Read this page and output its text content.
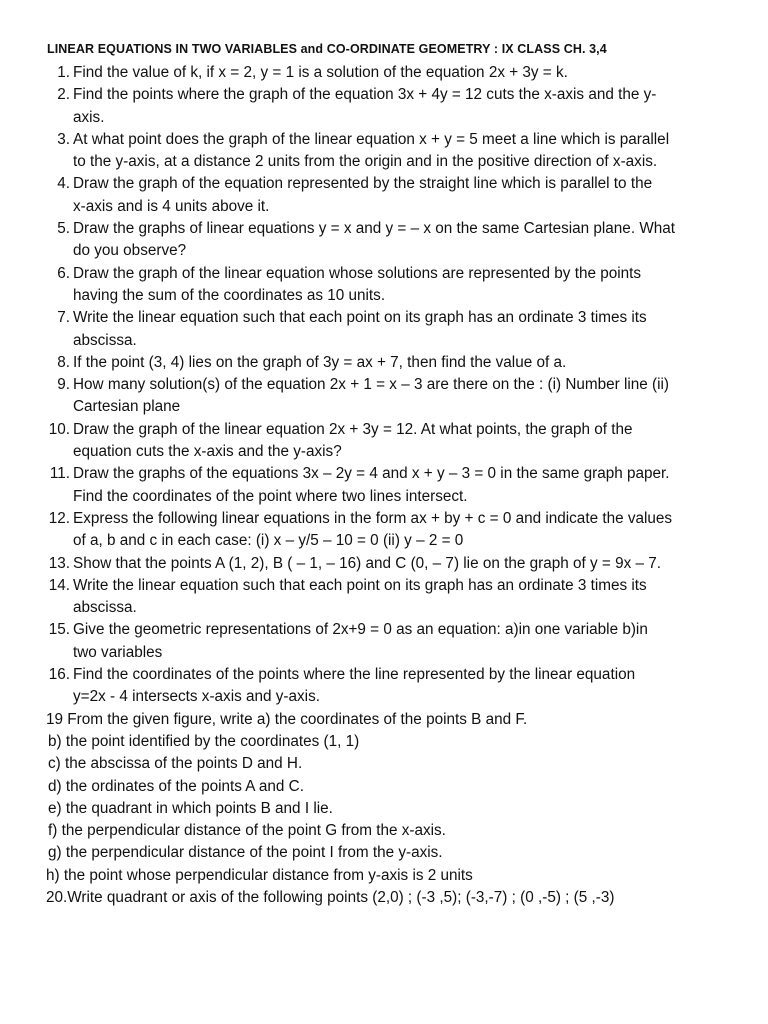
LINEAR EQUATIONS IN TWO VARIABLES and CO-ORDINATE GEOMETRY : IX CLASS CH. 3,4
1. Find the value of k, if x = 2, y = 1 is a solution of the equation 2x + 3y = k.
2. Find the points where the graph of the equation 3x + 4y = 12 cuts the x-axis and the y-
axis.
3. At what point does the graph of the linear equation x + y = 5 meet a line which is parallel
to the y-axis, at a distance 2 units from the origin and in the positive direction of x-axis.
4. Draw the graph of the equation represented by the straight line which is parallel to the
x-axis and is 4 units above it.
5. Draw the graphs of linear equations y = x and y = – x on the same Cartesian plane. What
do you observe?
6. Draw the graph of the linear equation whose solutions are represented by the points
having the sum of the coordinates as 10 units.
7. Write the linear equation such that each point on its graph has an ordinate 3 times its
abscissa.
8. If the point (3, 4) lies on the graph of 3y = ax + 7, then find the value of a.
9. How many solution(s) of the equation 2x + 1 = x – 3 are there on the : (i) Number line (ii)
Cartesian plane
10. Draw the graph of the linear equation 2x + 3y = 12. At what points, the graph of the
equation cuts the x-axis and the y-axis?
11. Draw the graphs of the equations 3x – 2y = 4 and x + y – 3 = 0 in the same graph paper.
Find the coordinates of the point where two lines intersect.
12. Express the following linear equations in the form ax + by + c = 0 and indicate the values
of a, b and c in each case: (i) x – y/5 – 10 = 0 (ii) y – 2 = 0
13. Show that the points A (1, 2), B ( – 1, – 16) and C (0, – 7) lie on the graph of y = 9x – 7.
14. Write the linear equation such that each point on its graph has an ordinate 3 times its
abscissa.
15. Give the geometric representations of 2x+9 = 0 as an equation: a)in one variable b)in
two variables
16. Find the coordinates of the points where the line represented by the linear equation
y=2x - 4 intersects x-axis and y-axis.
19 From the given figure, write a) the coordinates of the points B and F.
b) the point identified by the coordinates (1, 1)
c) the abscissa of the points D and H.
d) the ordinates of the points A and C.
e) the quadrant in which points B and I lie.
f) the perpendicular distance of the point G from the x-axis.
g) the perpendicular distance of the point I from the y-axis.
h) the point whose perpendicular distance from y-axis is 2 units
20.Write quadrant or axis of the following points (2,0) ; (-3 ,5); (-3,-7) ; (0 ,-5) ; (5 ,-3)
